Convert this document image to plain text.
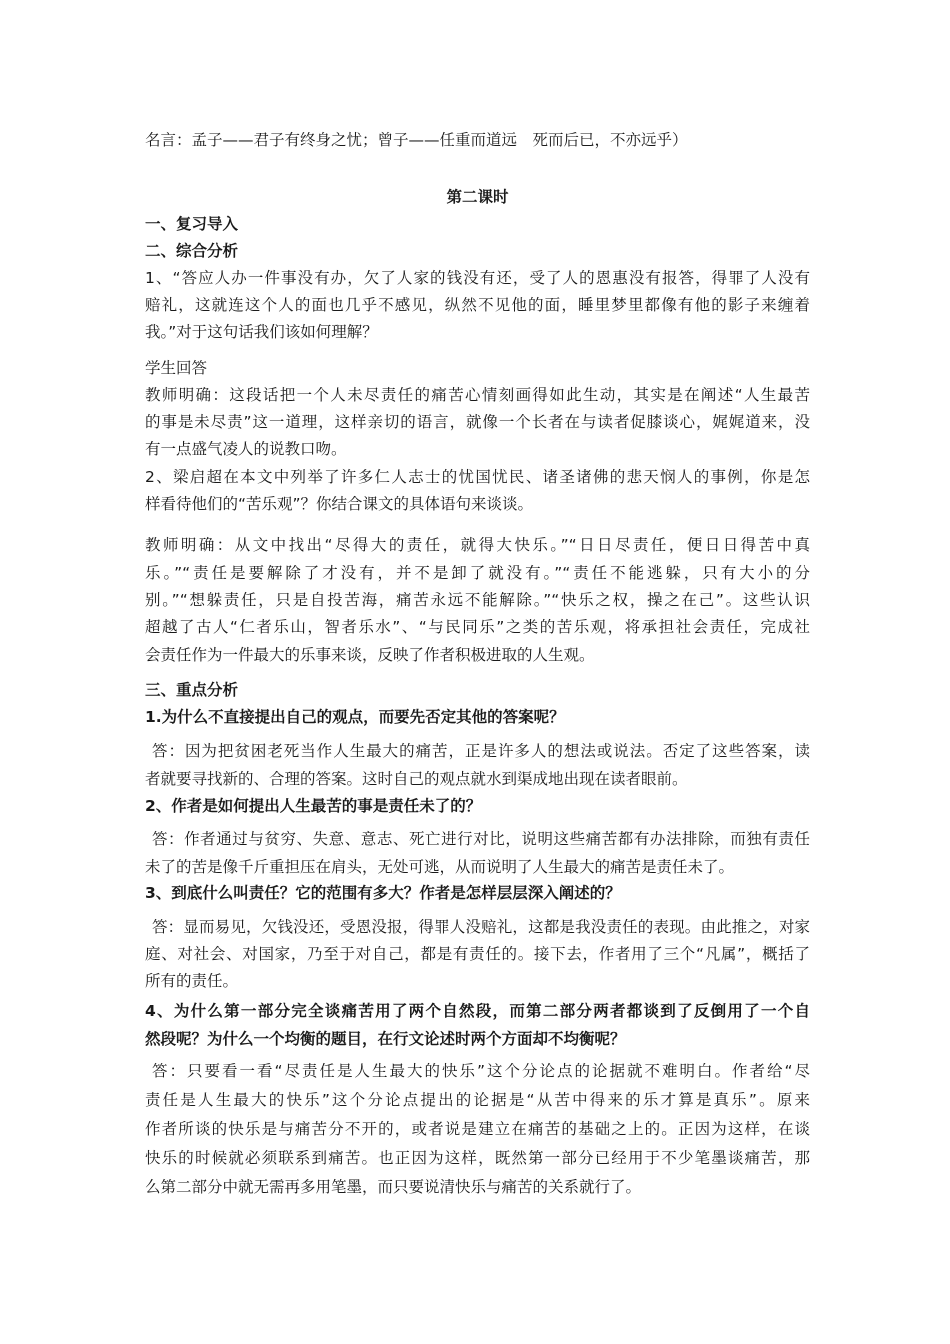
名言：孟子——君子有终身之忧；曾子——任重而道远　死而后已，不亦远乎）
第二课时
一、复习导入
二、综合分析
1、“答应人办一件事没有办，欠了人家的钱没有还，受了人的恩惠没有报答，得罪了人没有
赔礼，这就连这个人的面也几乎不感见，纵然不见他的面，睡里梦里都像有他的影子来缠着
我。”对于这句话我们该如何理解？
学生回答
教师明确：这段话把一个人未尽责任的痛苦心情刻画得如此生动，其实是在阐述“人生最苦
的事是未尽责”这一道理，这样亲切的语言，就像一个长者在与读者促膝谈心，娓娓道来，没
有一点盛气凌人的说教口吻。
2、梁启超在本文中列举了许多仁人志士的忧国忧民、诸圣诸佛的悲天悯人的事例，你是怎
样看待他们的“苦乐观”？你结合课文的具体语句来谈谈。
教师明确：从文中找出“尽得大的责任，就得大快乐。”“日日尽责任，便日日得苦中真
乐。”“责任是要解除了才没有，并不是卸了就没有。”“责任不能逃躲，只有大小的分
别。”“想躲责任，只是自投苦海，痛苦永远不能解除。”“快乐之权，操之在己”。这些认识
超越了古人“仁者乐山，智者乐水”、“与民同乐”之类的苦乐观，将承担社会责任，完成社
会责任作为一件最大的乐事来谈，反映了作者积极进取的人生观。
三、重点分析
1.为什么不直接提出自己的观点，而要先否定其他的答案呢？
答：因为把贫困老死当作人生最大的痛苦，正是许多人的想法或说法。否定了这些答案，读
者就要寻找新的、合理的答案。这时自己的观点就水到渠成地出现在读者眼前。
2、作者是如何提出人生最苦的事是责任未了的？
答：作者通过与贫穷、失意、意志、死亡进行对比，说明这些痛苦都有办法排除，而独有责任
未了的苦是像千斤重担压在肩头，无处可逃，从而说明了人生最大的痛苦是责任未了。
3、到底什么叫责任？它的范围有多大？作者是怎样层层深入阐述的？
答：显而易见，欠钱没还，受恩没报，得罪人没赔礼，这都是我没责任的表现。由此推之，对家
庭、对社会、对国家，乃至于对自己，都是有责任的。接下去，作者用了三个“凡属”，概括了
所有的责任。
4、为什么第一部分完全谈痛苦用了两个自然段，而第二部分两者都谈到了反倒用了一个自
然段呢？为什么一个均衡的题目，在行文论述时两个方面却不均衡呢？
答：只要看一看“尽责任是人生最大的快乐”这个分论点的论据就不难明白。作者给“尽
责任是人生最大的快乐”这个分论点提出的论据是“从苦中得来的乐才算是真乐”。原来
作者所谈的快乐是与痛苦分不开的，或者说是建立在痛苦的基础之上的。正因为这样，在谈
快乐的时候就必须联系到痛苦。也正因为这样，既然第一部分已经用于不少笔墨谈痛苦，那
么第二部分中就无需再多用笔墨，而只要说清快乐与痛苦的关系就行了。
